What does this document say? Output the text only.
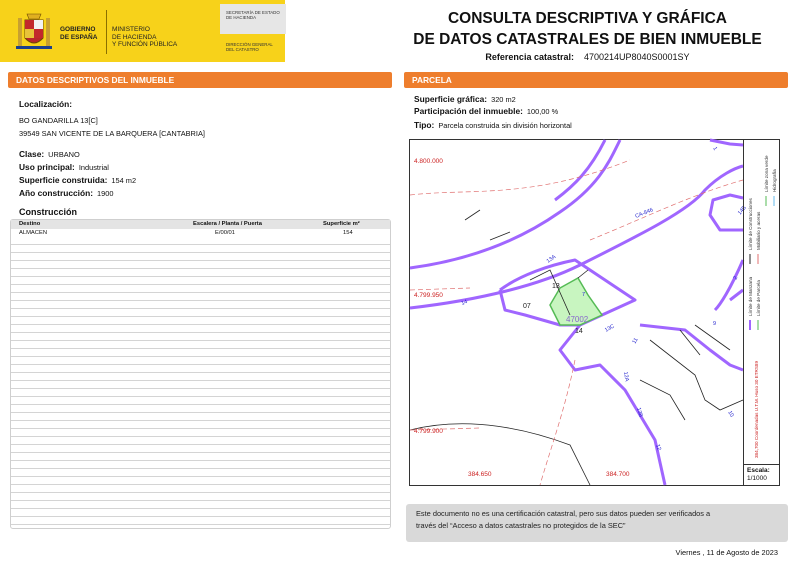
GOBIERNO
DE ESPAÑA
MINISTERIO
DE HACIENDA
Y FUNCIÓN PÚBLICA
SECRETARÍA DE ESTADO
DE HACIENDA
DIRECCIÓN GENERAL
DEL CATASTRO
CONSULTA DESCRIPTIVA Y GRÁFICA
DE DATOS CATASTRALES DE BIEN INMUEBLE
Referencia catastral: 4700214UP8040S0001SY
DATOS DESCRIPTIVOS DEL INMUEBLE
Localización:
BO GANDARILLA 13[C]
39549 SAN VICENTE DE LA BARQUERA [CANTABRIA]
Clase: URBANO
Uso principal: Industrial
Superficie construida: 154 m2
Año construcción: 1900
Construcción
Destino	Escalera / Planta / Puerta	Superficie m²
ALMACEN	E/00/01	154
PARCELA
Superficie gráfica: 320 m2
Participación del inmueble: 100,00 %
Tipo: Parcela construida sin división horizontal
4.800.000
4.799.950
4.799.900
384.650	384.700
13
07
14
47002
CA-846
13A
14
13C
11
10
12
9
12A
13B
14B
1
2
7	Límite de Manzana Límite de Parcela
Límite de Construcciones Mobiliario y aceras
Límite zona verde Hidrografía
384,700 Coordenadas U.T.M. Huso 30 ETRS89
Escala:
1/1000
Este documento no es una certificación catastral, pero sus datos pueden ser verificados a
través del “Acceso a datos catastrales no protegidos de la SEC”
Viernes , 11 de Agosto de 2023
